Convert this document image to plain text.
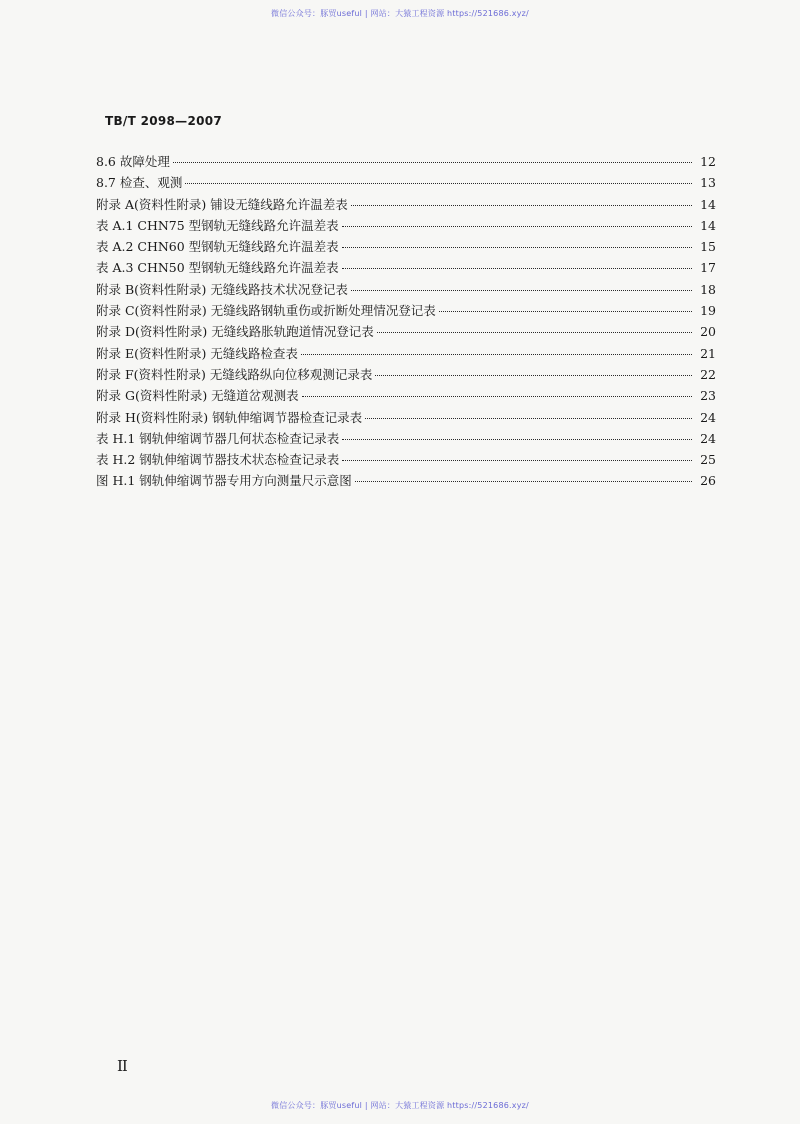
微信公众号：豚贸useful | 网站：大猿工程资源 https://521686.xyz/
TB/T 2098—2007
8.6 故障处理	12
8.7 检查、观测	13
附录 A(资料性附录) 铺设无缝线路允许温差表	14
表 A.1 CHN75 型钢轨无缝线路允许温差表	14
表 A.2 CHN60 型钢轨无缝线路允许温差表	15
表 A.3 CHN50 型钢轨无缝线路允许温差表	17
附录 B(资料性附录) 无缝线路技术状况登记表	18
附录 C(资料性附录) 无缝线路钢轨重伤或折断处理情况登记表	19
附录 D(资料性附录) 无缝线路胀轨跑道情况登记表	20
附录 E(资料性附录) 无缝线路检查表	21
附录 F(资料性附录) 无缝线路纵向位移观测记录表	22
附录 G(资料性附录) 无缝道岔观测表	23
附录 H(资料性附录) 钢轨伸缩调节器检查记录表	24
表 H.1 钢轨伸缩调节器几何状态检查记录表	24
表 H.2 钢轨伸缩调节器技术状态检查记录表	25
图 H.1 钢轨伸缩调节器专用方向测量尺示意图	26
II
微信公众号：豚贸useful | 网站：大猿工程资源 https://521686.xyz/
